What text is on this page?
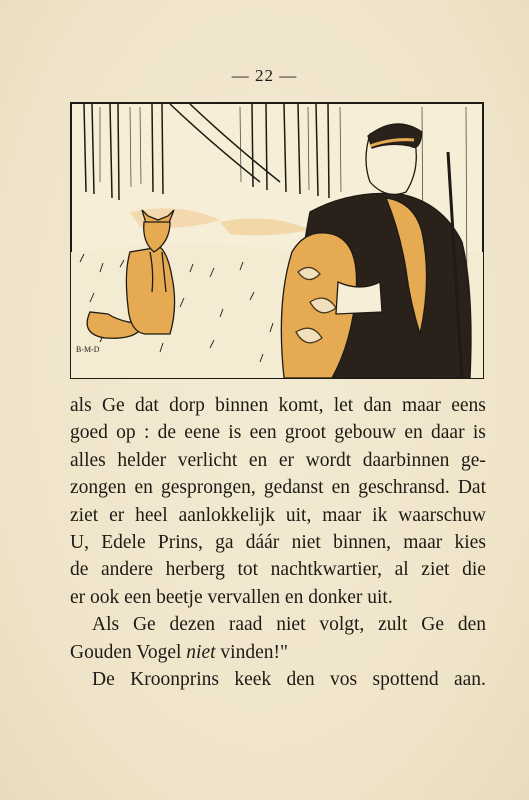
— 22 —
B-M-D
als Ge dat dorp binnen komt, let dan maar eens
goed op : de eene is een groot gebouw en daar is
alles helder verlicht en er wordt daarbinnen ge-
zongen en gesprongen, gedanst en geschransd. Dat
ziet er heel aanlokkelijk uit, maar ik waarschuw
U, Edele Prins, ga dáár niet binnen, maar kies
de andere herberg tot nachtkwartier, al ziet die
er ook een beetje vervallen en donker uit.
Als Ge dezen raad niet volgt, zult Ge den
Gouden Vogel niet vinden!"
De Kroonprins keek den vos spottend aan.
